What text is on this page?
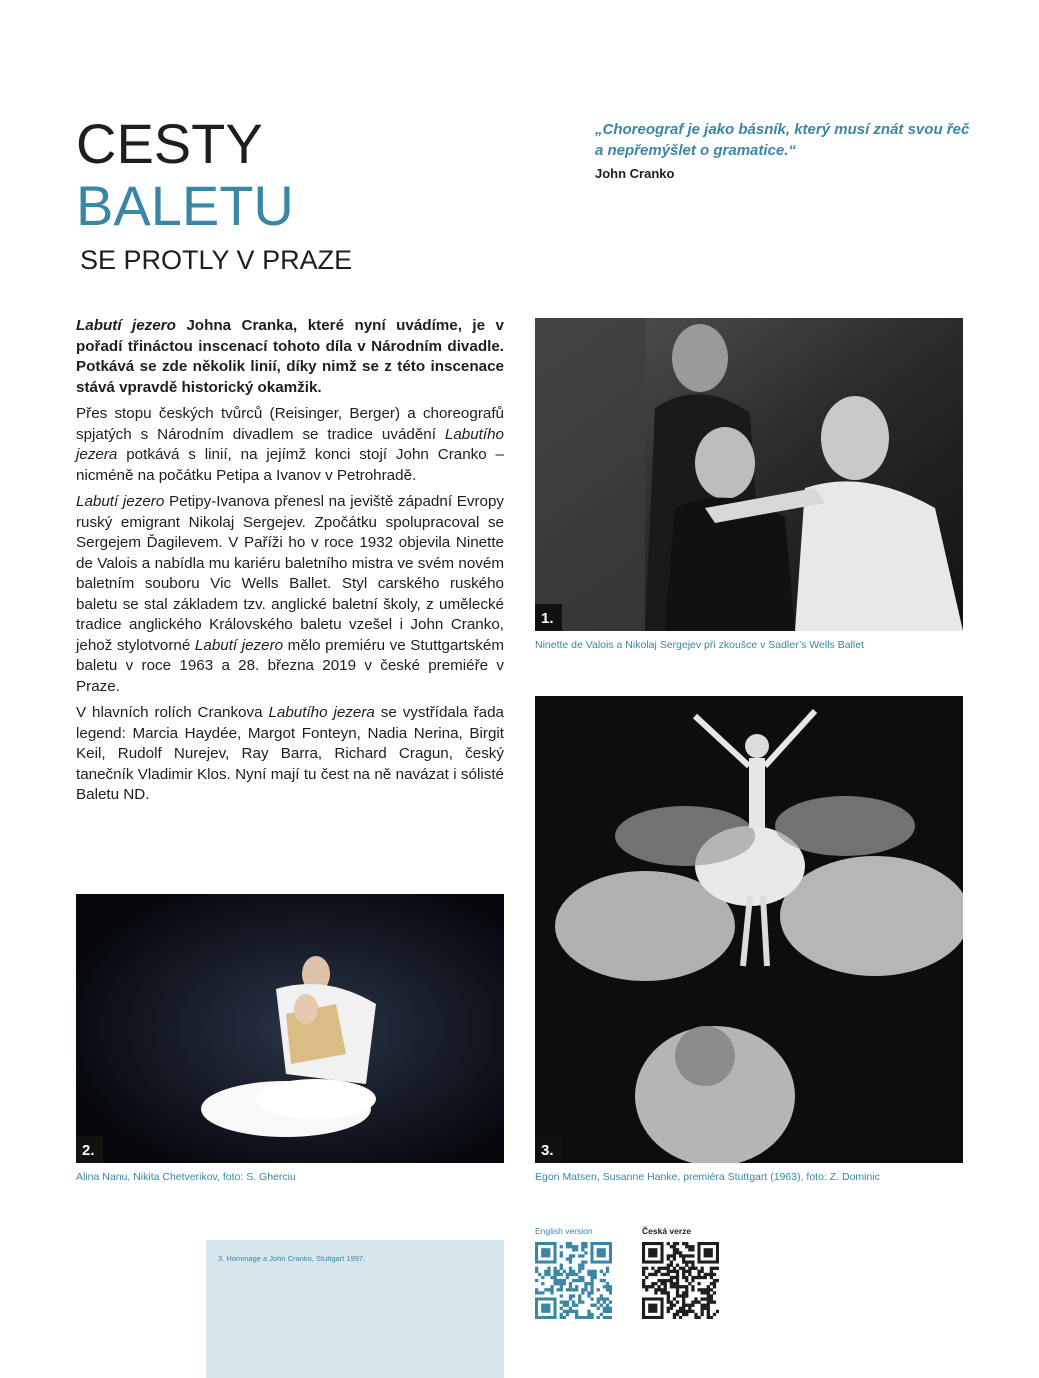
CESTY
BALETU
SE PROTLY V PRAZE
„Choreograf je jako básník, který musí znát svou řeč a nepřemýšlet o gramatice.“
John Cranko

Labutí jezero Johna Cranka, které nyní uvádíme, je v pořadí třináctou inscenací tohoto díla v Národním divadle. Potkává se zde několik linií, díky nimž se z této inscenace stává vpravdě historický okamžik.

Přes stopu českých tvůrců (Reisinger, Berger) a choreografů spjatých s Národním divadlem se tradice uvádění Labutího jezera potkává s linií, na jejímž konci stojí John Cranko – nicméně na počátku Petipa a Ivanov v Petrohradě.

Labutí jezero Petipy-Ivanova přenesl na jeviště západní Evropy ruský emigrant Nikolaj Sergejev. Zpočátku spolupracoval se Sergejem Ďagilevem. V Paříži ho v roce 1932 objevila Ninette de Valois a nabídla mu kariéru baletního mistra ve svém novém baletním souboru Vic Wells Ballet. Styl carského ruského baletu se stal základem tzv. anglické baletní školy, z umělecké tradice anglického Královského baletu vzešel i John Cranko, jehož stylotvorné Labutí jezero mělo premiéru ve Stuttgartském baletu v roce 1963 a 28. března 2019 v české premiéře v Praze.

V hlavních rolích Crankova Labutího jezera se vystřídala řada legend: Marcia Haydée, Margot Fonteyn, Nadia Nerina, Birgit Keil, Rudolf Nurejev, Ray Barra, Richard Cragun, český tanečník Vladimir Klos. Nyní mají tu čest na ně navázat i sólisté Baletu ND.

1.
Ninette de Valois a Nikolaj Sergejev při zkoušce v Sadler’s Wells Ballet
3.
Egon Matsen, Susanne Hanke, premiéra Stuttgart (1963), foto: Z. Dominic
2.
Alina Nanu, Nikita Chetverikov, foto: S. Gherciu
3. Hommage a John Cranko, Stuttgart 1997.
English version	Česká verze
